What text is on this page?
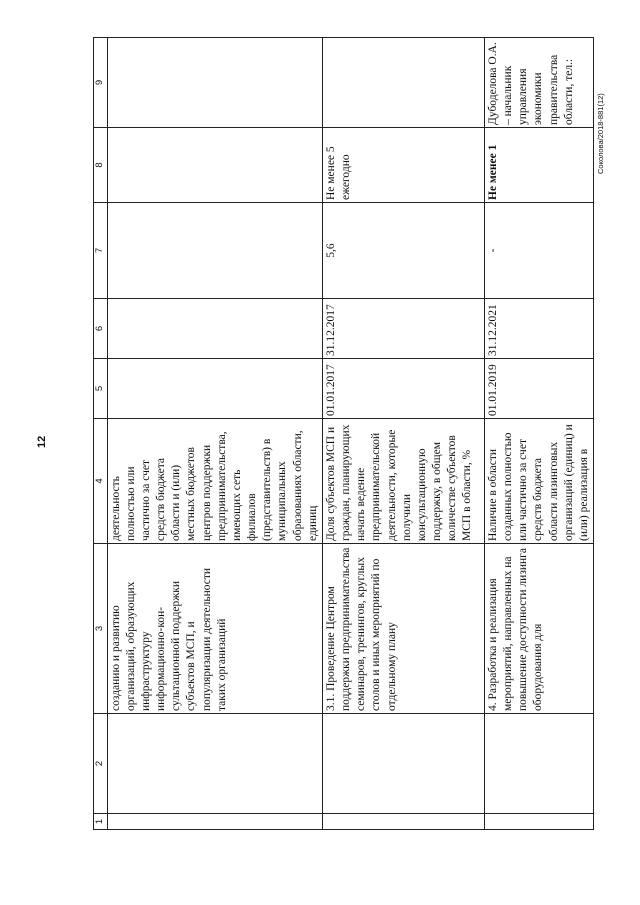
12
1	2	3	4	5	6	7	8	9
		созданию и развитию организаций, образующих инфраструктуру информационно-кон-сультационной поддержки субъектов МСП, и популяризации деятельности таких организаций	деятельность полностью или частично за счет средств бюджета области и (или) местных бюджетов центров поддержки предпринимательства, имеющих сеть филиалов (представительств) в муниципальных образованиях области, единиц					
		3.1. Проведение Центром поддержки предпринимательства семинаров, тренингов, круглых столов и иных мероприятий по отдельному плану	Доля субъектов МСП и граждан, планирующих начать ведение предпринимательской деятельности, которые получили консультационную поддержку, в общем количестве субъектов МСП в области, %	01.01.2017	31.12.2017	5,6	Не менее 5 ежегодно	
		4. Разработка и реализация мероприятий, направленных на повышение доступности лизинга оборудования для	Наличие в области созданных полностью или частично за счет средств бюджета области лизинговых организаций (единиц) и (или) реализация в	01.01.2019	31.12.2021	-	Не менее 1	Дубоделова О.А. – начальник управления экономики правительства области, тел.:
Соколова/2018-881(12)
